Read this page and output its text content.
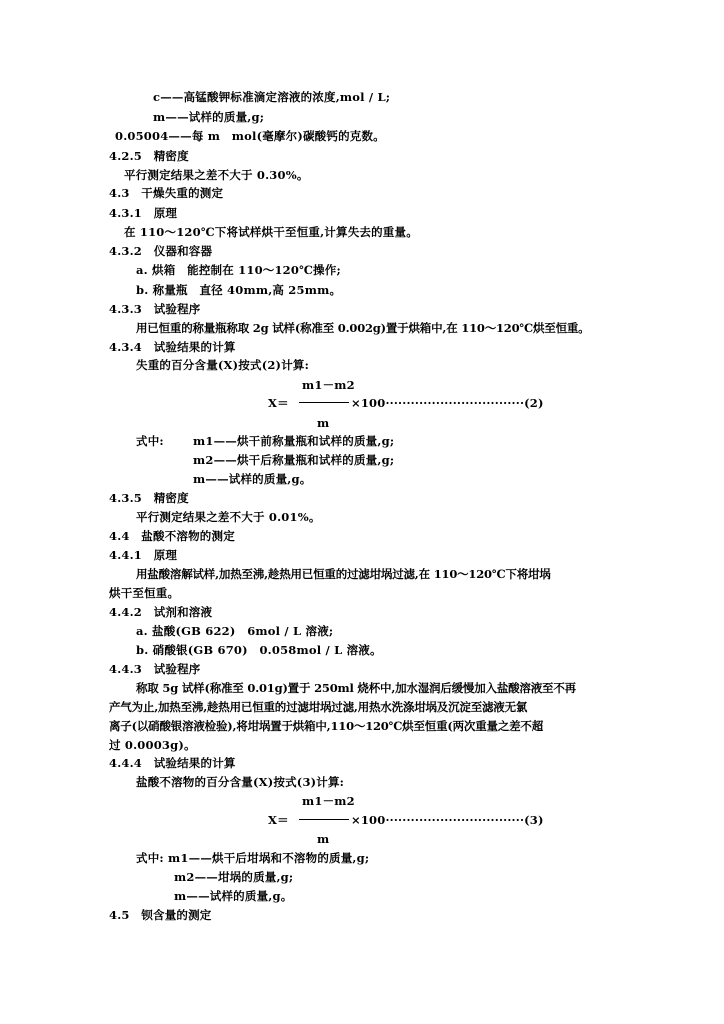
c——高锰酸钾标准滴定溶液的浓度,mol / L;
m——试样的质量,g;
0.05004——每 m　mol(毫摩尔)碳酸钙的克数。
4.2.5　精密度
平行测定结果之差不大于 0.30%。
4.3　干燥失重的测定
4.3.1　原理
在 110～120℃下将试样烘干至恒重,计算失去的重量。
4.3.2　仪器和容器
a. 烘箱　能控制在 110～120℃操作;
b. 称量瓶　直径 40mm,高 25mm。
4.3.3　试验程序
用已恒重的称量瓶称取 2g 试样(称准至 0.002g)置于烘箱中,在 110～120℃烘至恒重。
4.3.4　试验结果的计算
失重的百分含量(X)按式(2)计算:
m1－m2
X＝	×100·································(2)
m
式中:	m1——烘干前称量瓶和试样的质量,g;
m2——烘干后称量瓶和试样的质量,g;
m——试样的质量,g。
4.3.5　精密度
平行测定结果之差不大于 0.01%。
4.4　盐酸不溶物的测定
4.4.1　原理
用盐酸溶解试样,加热至沸,趁热用已恒重的过滤坩埚过滤,在 110～120℃下将坩埚
烘干至恒重。
4.4.2　试剂和溶液
a. 盐酸(GB 622)　6mol / L 溶液;
b. 硝酸银(GB 670)　0.058mol / L 溶液。
4.4.3　试验程序
称取 5g 试样(称准至 0.01g)置于 250ml 烧杯中,加水湿润后缓慢加入盐酸溶液至不再
产气为止,加热至沸,趁热用已恒重的过滤坩埚过滤,用热水洗涤坩埚及沉淀至滤液无氯
离子(以硝酸银溶液检验),将坩埚置于烘箱中,110～120℃烘至恒重(两次重量之差不超
过 0.0003g)。
4.4.4　试验结果的计算
盐酸不溶物的百分含量(X)按式(3)计算:
m1－m2
X＝	×100·································(3)
m
式中: m1——烘干后坩埚和不溶物的质量,g;
m2——坩埚的质量,g;
m——试样的质量,g。
4.5　钡含量的测定
